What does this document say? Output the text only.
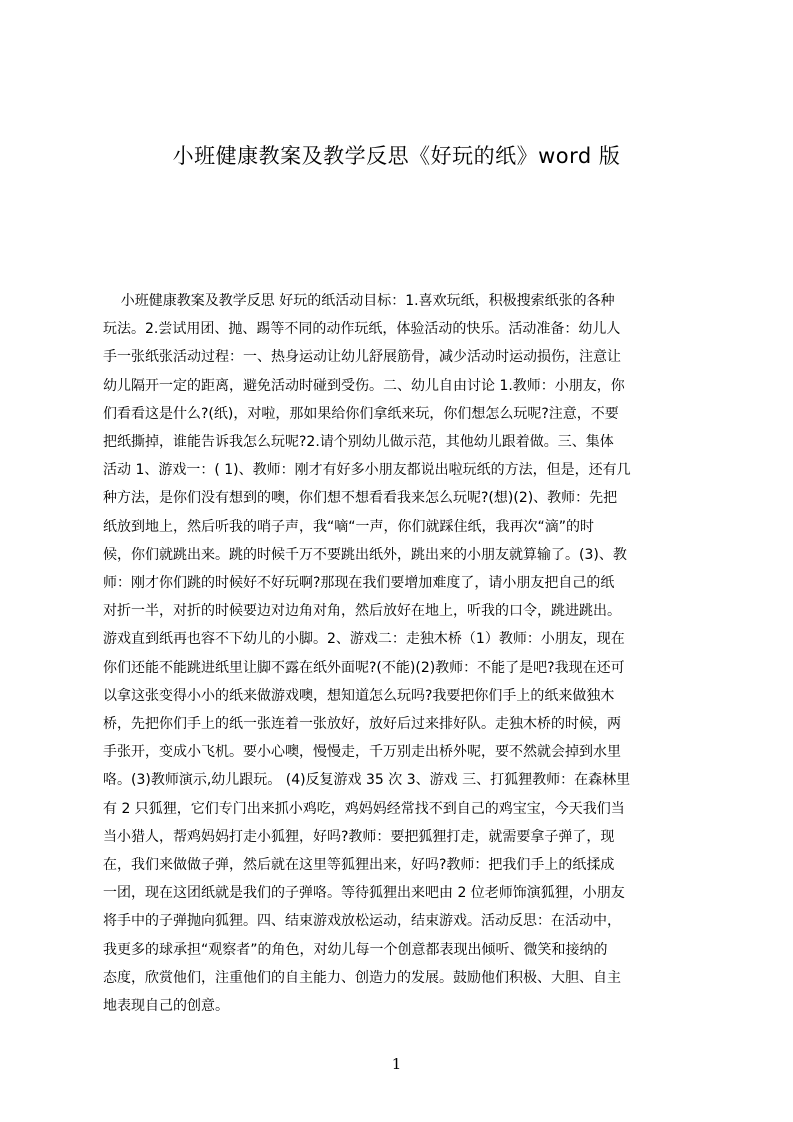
小班健康教案及教学反思《好玩的纸》word 版
小班健康教案及教学反思 好玩的纸活动目标：1.喜欢玩纸，积极搜索纸张的各种
玩法。2.尝试用团、抛、踢等不同的动作玩纸，体验活动的快乐。活动准备：幼儿人
手一张纸张活动过程：一、热身运动让幼儿舒展筋骨，减少活动时运动损伤，注意让
幼儿隔开一定的距离，避免活动时碰到受伤。二、幼儿自由讨论 1.教师：小朋友，你
们看看这是什么?(纸)，对啦，那如果给你们拿纸来玩，你们想怎么玩呢?注意，不要
把纸撕掉，谁能告诉我怎么玩呢?2.请个别幼儿做示范，其他幼儿跟着做。三、集体
活动 1、游戏一：( 1)、教师：刚才有好多小朋友都说出啦玩纸的方法，但是，还有几
种方法，是你们没有想到的噢，你们想不想看看我来怎么玩呢?(想)(2)、教师：先把
纸放到地上，然后听我的哨子声，我“嘀“一声，你们就踩住纸，我再次“滴”的时
候，你们就跳出来。跳的时候千万不要跳出纸外，跳出来的小朋友就算输了。(3)、教
师：刚才你们跳的时候好不好玩啊?那现在我们要增加难度了，请小朋友把自己的纸
对折一半，对折的时候要边对边角对角，然后放好在地上，听我的口令，跳进跳出。
游戏直到纸再也容不下幼儿的小脚。2、游戏二：走独木桥（1）教师：小朋友，现在
你们还能不能跳进纸里让脚不露在纸外面呢?(不能)(2)教师：不能了是吧?我现在还可
以拿这张变得小小的纸来做游戏噢，想知道怎么玩吗?我要把你们手上的纸来做独木
桥，先把你们手上的纸一张连着一张放好，放好后过来排好队。走独木桥的时候，两
手张开，变成小飞机。要小心噢，慢慢走，千万别走出桥外呢，要不然就会掉到水里
咯。(3)教师演示,幼儿跟玩。 (4)反复游戏 35 次 3、游戏 三、打狐狸教师：在森林里
有 2 只狐狸，它们专门出来抓小鸡吃，鸡妈妈经常找不到自己的鸡宝宝，今天我们当
当小猎人，帮鸡妈妈打走小狐狸，好吗?教师：要把狐狸打走，就需要拿子弹了，现
在，我们来做做子弹，然后就在这里等狐狸出来，好吗?教师：把我们手上的纸揉成
一团，现在这团纸就是我们的子弹咯。等待狐狸出来吧由 2 位老师饰演狐狸，小朋友
将手中的子弹抛向狐狸。四、结束游戏放松运动，结束游戏。活动反思：在活动中，
我更多的球承担“观察者”的角色，对幼儿每一个创意都表现出倾听、微笑和接纳的
态度，欣赏他们，注重他们的自主能力、创造力的发展。鼓励他们积极、大胆、自主
地表现自己的创意。
1
